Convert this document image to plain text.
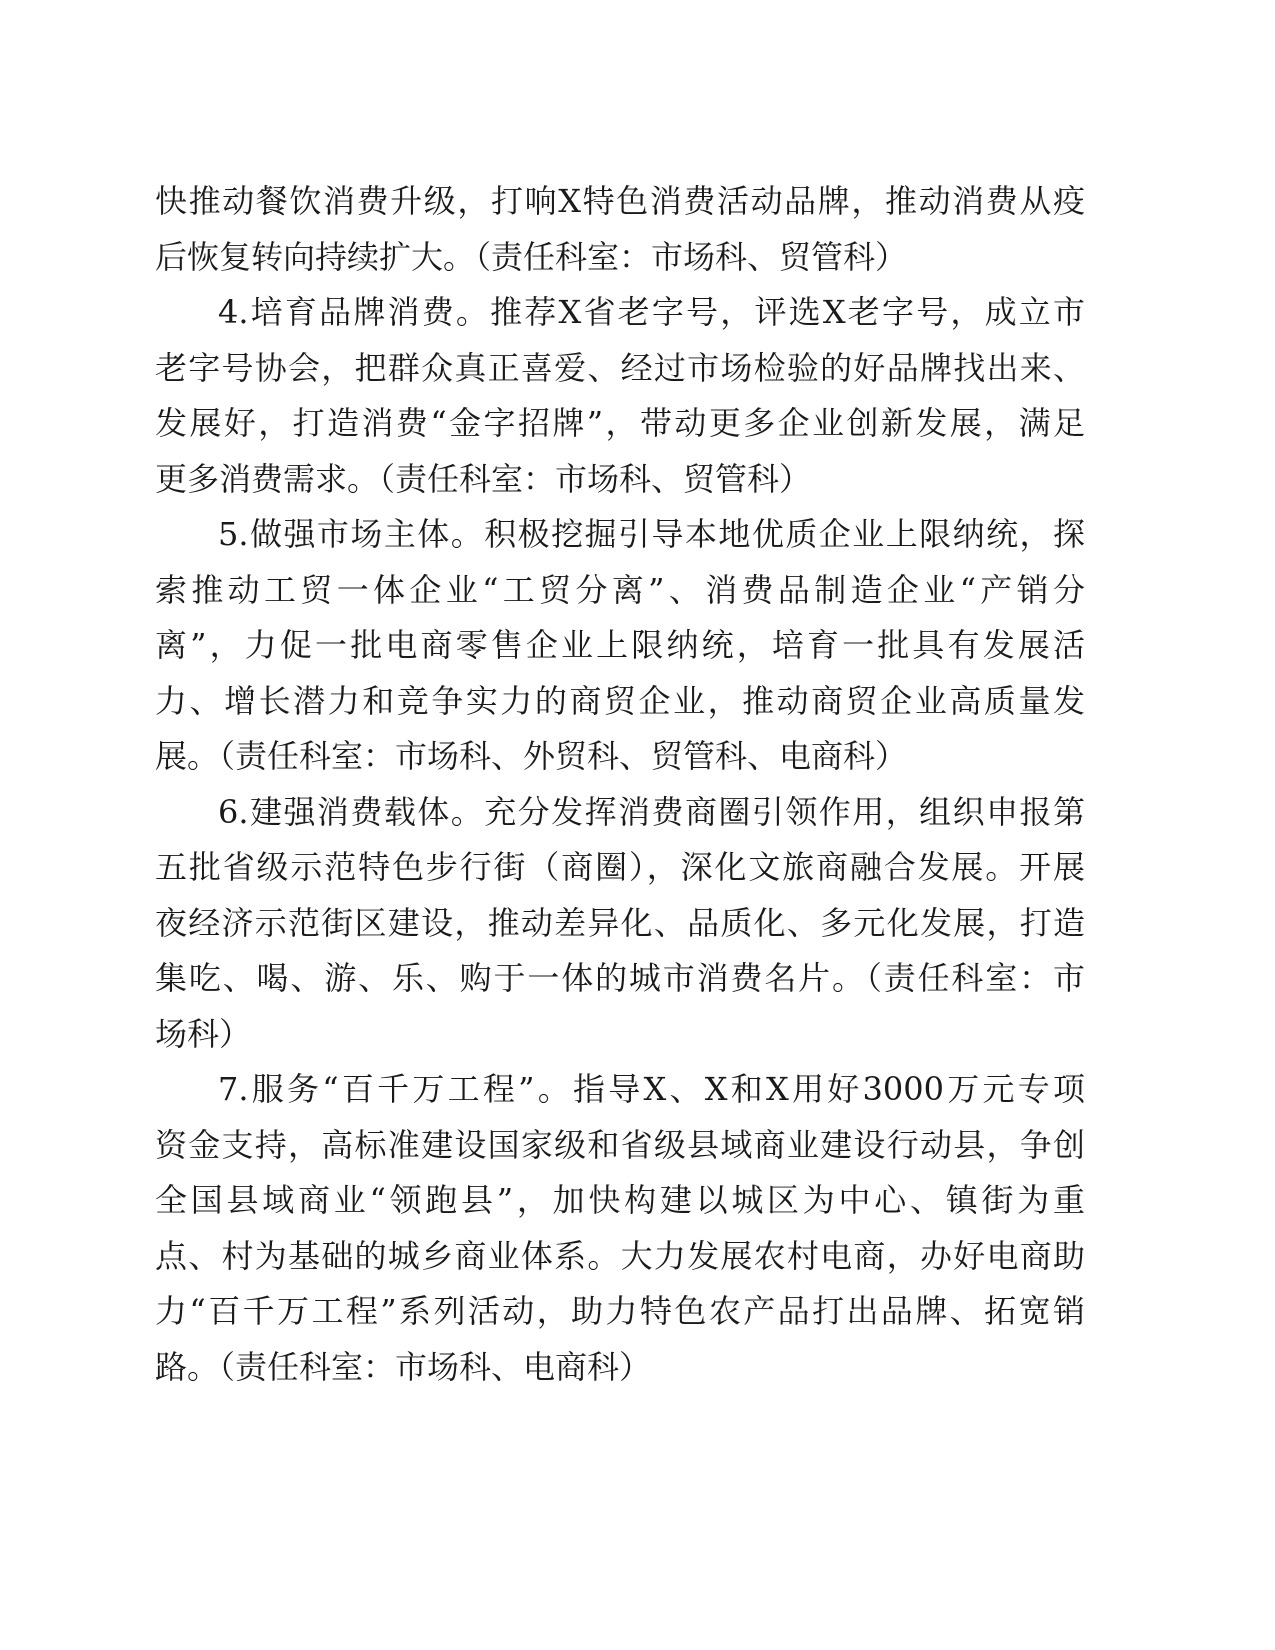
快推动餐饮消费升级，打响X特色消费活动品牌，推动消费从疫
后恢复转向持续扩大。（责任科室：市场科、贸管科）
4.培育品牌消费。推荐X省老字号，评选X老字号，成立市
老字号协会，把群众真正喜爱、经过市场检验的好品牌找出来、
发展好，打造消费“金字招牌”，带动更多企业创新发展，满足
更多消费需求。（责任科室：市场科、贸管科）
5.做强市场主体。积极挖掘引导本地优质企业上限纳统，探
索推动工贸一体企业“工贸分离”、消费品制造企业“产销分
离”，力促一批电商零售企业上限纳统，培育一批具有发展活
力、增长潜力和竞争实力的商贸企业，推动商贸企业高质量发
展。（责任科室：市场科、外贸科、贸管科、电商科）
6.建强消费载体。充分发挥消费商圈引领作用，组织申报第
五批省级示范特色步行街（商圈），深化文旅商融合发展。开展
夜经济示范街区建设，推动差异化、品质化、多元化发展，打造
集吃、喝、游、乐、购于一体的城市消费名片。（责任科室：市
场科）
7.服务“百千万工程”。指导X、X和X用好3000万元专项
资金支持，高标准建设国家级和省级县域商业建设行动县，争创
全国县域商业“领跑县”，加快构建以城区为中心、镇街为重
点、村为基础的城乡商业体系。大力发展农村电商，办好电商助
力“百千万工程”系列活动，助力特色农产品打出品牌、拓宽销
路。（责任科室：市场科、电商科）
